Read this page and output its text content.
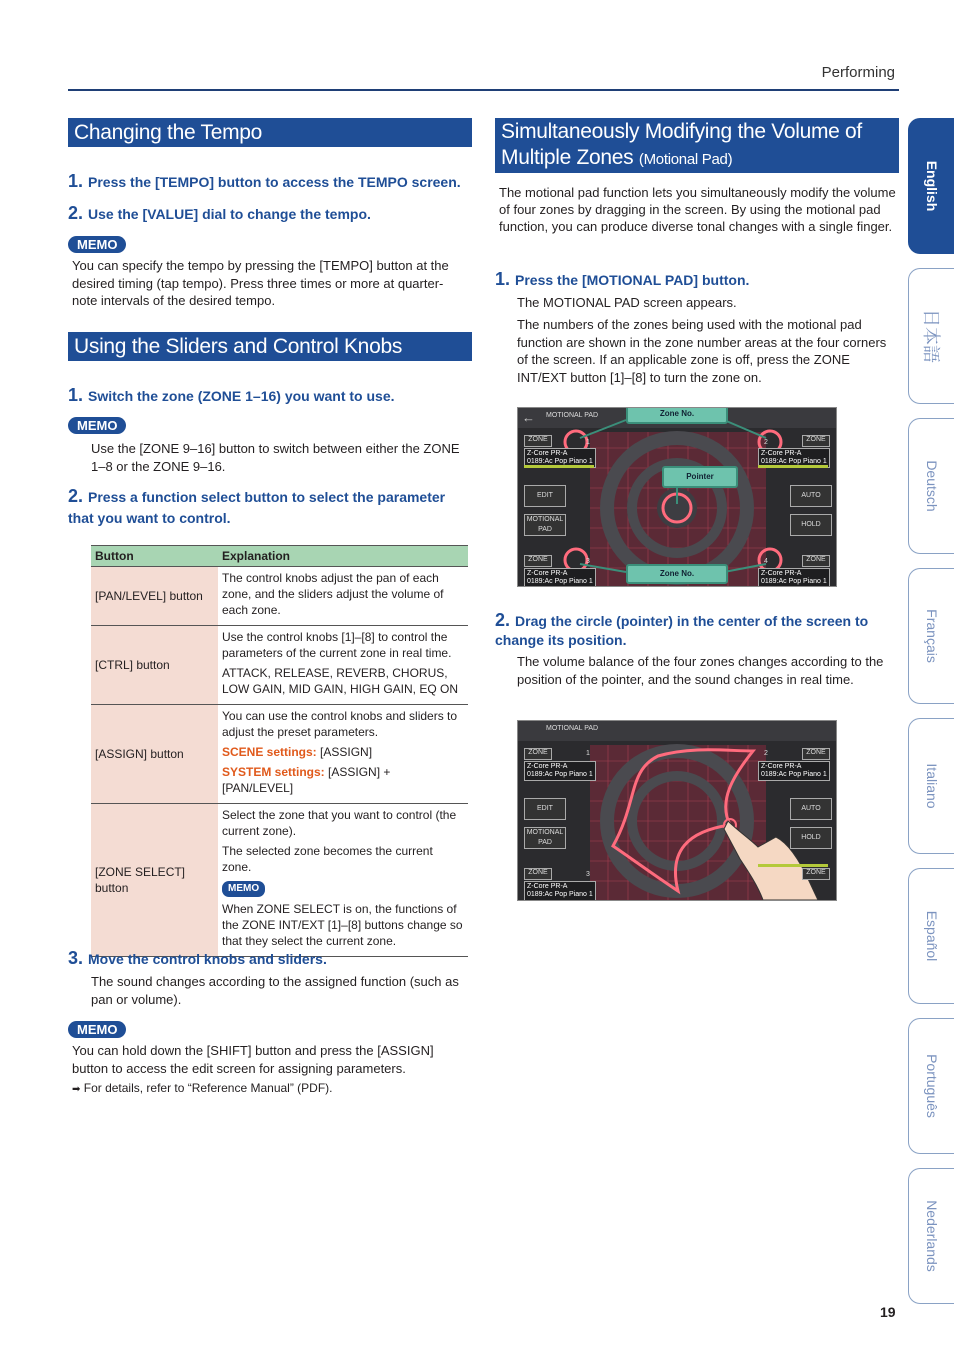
Performing
Changing the Tempo
1. Press the [TEMPO] button to access the TEMPO screen.
2. Use the [VALUE] dial to change the tempo.
MEMO
You can specify the tempo by pressing the [TEMPO] button at the desired timing (tap tempo). Press three times or more at quarter-note intervals of the desired tempo.
Using the Sliders and Control Knobs
1. Switch the zone (ZONE 1–16) you want to use.
MEMO
Use the [ZONE 9–16] button to switch between either the ZONE 1–8 or the ZONE 9–16.
2. Press a function select button to select the parameter that you want to control.
Button	Explanation
[PAN/LEVEL] button	The control knobs adjust the pan of each zone, and the sliders adjust the volume of each zone.

[CTRL] button	Use the control knobs [1]–[8] to control the parameters of the current zone in real time.

ATTACK, RELEASE, REVERB, CHORUS, LOW GAIN, MID GAIN, HIGH GAIN, EQ ON

[ASSIGN] button	You can use the control knobs and sliders to adjust the preset parameters.

SCENE settings: [ASSIGN]

SYSTEM settings: [ASSIGN] + [PAN/LEVEL]

[ZONE SELECT] button	Select the zone that you want to control (the current zone).

The selected zone becomes the current zone.

MEMO

When ZONE SELECT is on, the functions of the ZONE INT/EXT [1]–[8] buttons change so that they select the current zone.

3. Move the control knobs and sliders.
The sound changes according to the assigned function (such as pan or volume).
MEMO
You can hold down the [SHIFT] button and press the [ASSIGN] button to access the edit screen for assigning parameters.
➡ For details, refer to “Reference Manual” (PDF).
Simultaneously Modifying the Volume of Multiple Zones (Motional Pad)
The motional pad function lets you simultaneously modify the volume of four zones by dragging in the screen. By using the motional pad function, you can produce diverse tonal changes with a single finger.
1. Press the [MOTIONAL PAD] button.
The MOTIONAL PAD screen appears.
The numbers of the zones being used with the motional pad function are shown in the zone number areas at the four corners of the screen. If an applicable zone is off, press the ZONE INT/EXT button [1]–[8] to turn the zone on.
← MOTIONAL PAD
ZONE	ZONE
ZONE	ZONE
1	2
3	4
Z-Core PR-A
0189:Ac Pop Piano 1
Z-Core PR-A
0189:Ac Pop Piano 1
Z-Core PR-A
0189:Ac Pop Piano 1
Z-Core PR-A
0189:Ac Pop Piano 1
EDIT
MOTIONAL PAD
AUTO
HOLD
Zone No.
Zone No.
Pointer
2. Drag the circle (pointer) in the center of the screen to change its position.
The volume balance of the four zones changes according to the position of the pointer, and the sound changes in real time.
MOTIONAL PAD
ZONE	ZONE
ZONE	ZONE
1	2
3
Z-Core PR-A
0189:Ac Pop Piano 1
Z-Core PR-A
0189:Ac Pop Piano 1
Z-Core PR-A
0189:Ac Pop Piano 1
EDIT
MOTIONAL PAD
AUTO
HOLD
English
日本語
Deutsch
Français
Italiano
Español
Português
Nederlands
19
